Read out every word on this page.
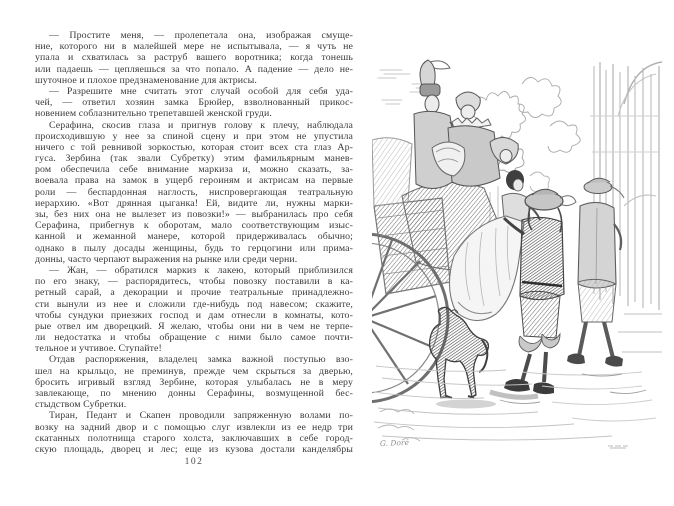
— Простите меня, — пролепетала она, изображая смуще-
ние, которого ни в малейшей мере не испытывала, — я чуть не
упала и схватилась за раструб вашего воротника; когда тонешь
или падаешь — цепляешься за что попало. А падение — дело не-
шуточное и плохое предзнаменование для актрисы.
— Разрешите мне считать этот случай особой для себя уда-
чей, — ответил хозяин замка Брюйер, взволнованный прикос-
новением соблазнительно трепетавшей женской груди.
Серафина, скосив глаза и пригнув голову к плечу, наблюдала
происходившую у нее за спиной сцену и при этом не упустила
ничего с той ревнивой зоркостью, которая стоит всех ста глаз Ар-
гуса. Зербина (так звали Субретку) этим фамильярным манев-
ром обеспечила себе внимание маркиза и, можно сказать, за-
воевала права на замок в ущерб героиням и актрисам на первые
роли — беспардонная наглость, ниспровергающая театральную
иерархию. «Вот дрянная цыганка! Ей, видите ли, нужны марки-
зы, без них она не вылезет из повозки!» — выбранилась про себя
Серафина, прибегнув к оборотам, мало соответствующим изыс-
канной и жеманной манере, которой придерживалась обычно;
однако в пылу досады женщины, будь то герцогини или прима-
донны, часто черпают выражения на рынке или среди черни.
— Жан, — обратился маркиз к лакею, который приблизился
по его знаку, — распорядитесь, чтобы повозку поставили в ка-
ретный сарай, а декорации и прочие театральные принадлежно-
сти вынули из нее и сложили где-нибудь под навесом; скажите,
чтобы сундуки приезжих господ и дам отнесли в комнаты, кото-
рые отвел им дворецкий. Я желаю, чтобы они ни в чем не терпе-
ли недостатка и чтобы обращение с ними было самое почти-
тельное и учтивое. Ступайте!
Отдав распоряжения, владелец замка важной поступью взо-
шел на крыльцо, не преминув, прежде чем скрыться за дверью,
бросить игривый взгляд Зербине, которая улыбалась не в меру
завлекающе, по мнению донны Серафины, возмущенной бес-
стыдством Субретки.
Тиран, Педант и Скапен проводили запряженную волами по-
возку на задний двор и с помощью слуг извлекли из ее недр три
скатанных полотнища старого холста, заключавших в себе город-
скую площадь, дворец и лес; еще из кузова достали канделябры
102
G. Doré
